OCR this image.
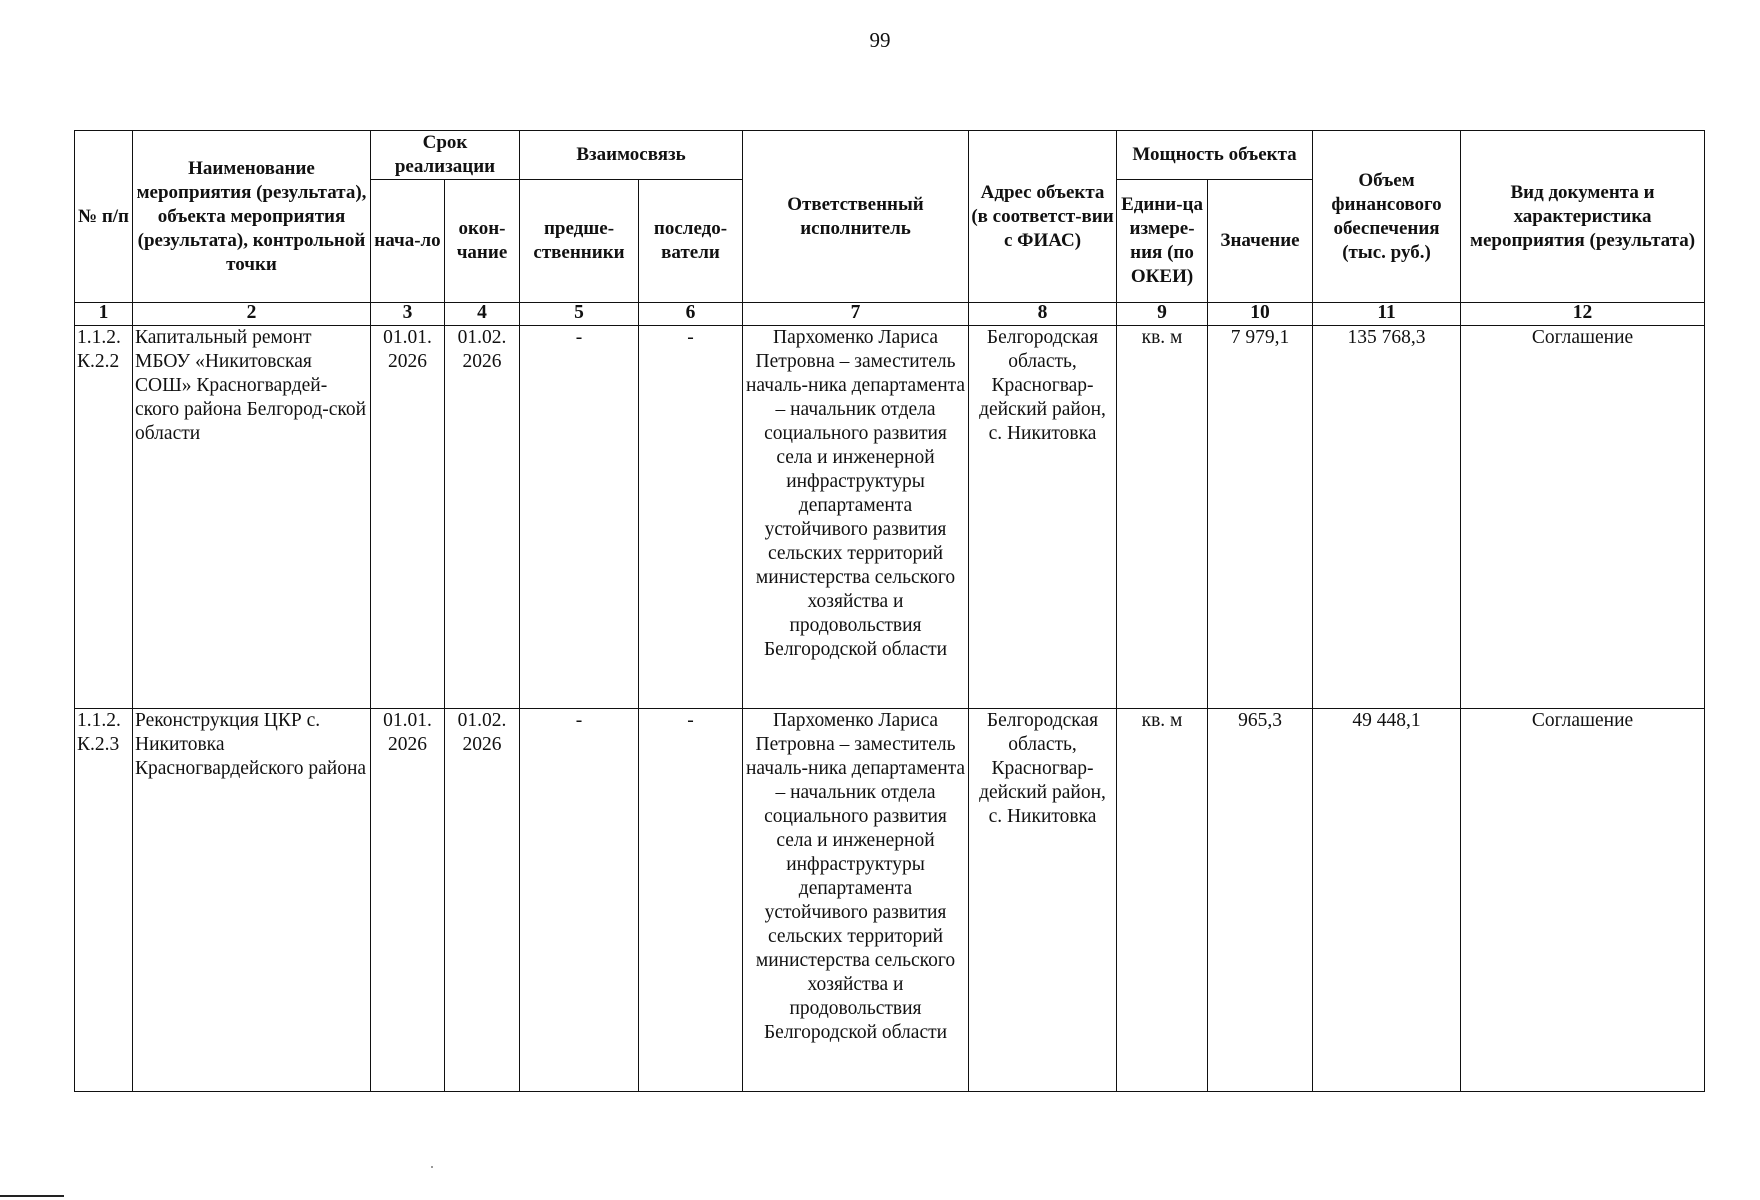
99
№ п/п	Наименование мероприятия (результата), объекта мероприятия (результата), контрольной точки	Срок реализации		Взаимосвязь		Ответственный исполнитель	Адрес объекта (в соответст-вии с ФИАС)	Мощность объекта		Объем финансового обеспечения (тыс. руб.)	Вид документа и характеристика мероприятия (результата)
		нача-ло	окон-чание	предше-ственники	последо-ватели			Едини-ца измере-ния (по ОКЕИ)	Значение		
1	2	3	4	5	6	7	8	9	10	11	12
1.1.2. К.2.2	Капитальный ремонт МБОУ «Никитовская СОШ» Красногвардей-ского района Белгород-ской области	01.01. 2026	01.02. 2026	-	-	Пархоменко Лариса Петровна – заместитель началь-ника департамента – начальник отдела социального развития села и инженерной инфраструктуры департамента устойчивого развития сельских территорий министерства сельского хозяйства и продовольствия Белгородской области	Белгородская область, Красногвар-дейский район, с. Никитовка	кв. м	7 979,1	135 768,3	Соглашение
1.1.2. К.2.3	Реконструкция ЦКР с. Никитовка Красногвардейского района	01.01. 2026	01.02. 2026	-	-	Пархоменко Лариса Петровна – заместитель началь-ника департамента – начальник отдела социального развития села и инженерной инфраструктуры департамента устойчивого развития сельских территорий министерства сельского хозяйства и продовольствия Белгородской области	Белгородская область, Красногвар-дейский район, с. Никитовка	кв. м	965,3	49 448,1	Соглашение
